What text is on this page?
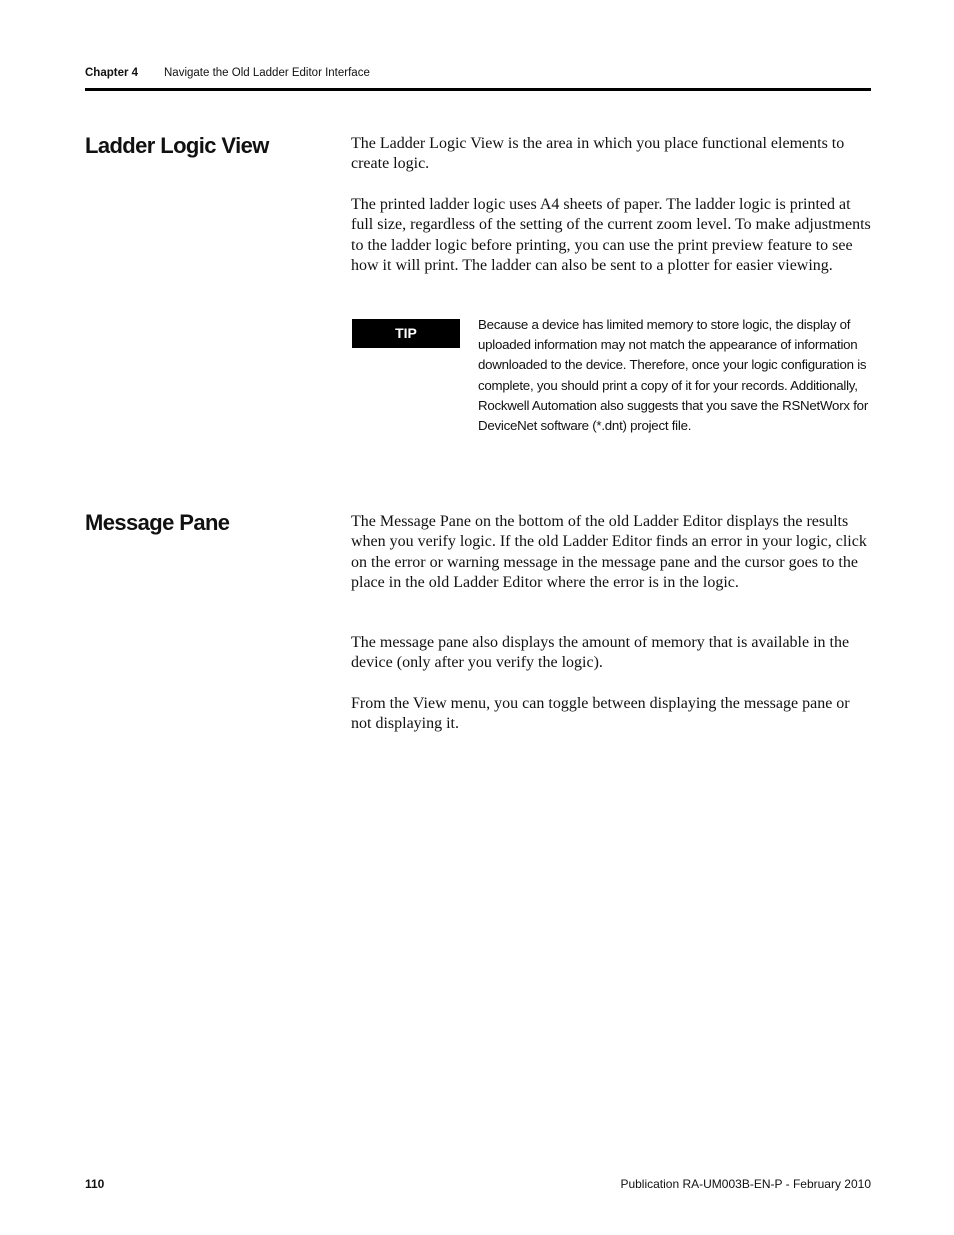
Chapter 4 Navigate the Old Ladder Editor Interface
Ladder Logic View	The Ladder Logic View is the area in which you place functional elements to create logic.

The printed ladder logic uses A4 sheets of paper. The ladder logic is printed at full size, regardless of the setting of the current zoom level. To make adjustments to the ladder logic before printing, you can use the print preview feature to see how it will print. The ladder can also be sent to a plotter for easier viewing.

TIP

Because a device has limited memory to store logic, the display of uploaded information may not match the appearance of information downloaded to the device. Therefore, once your logic configuration is complete, you should print a copy of it for your records. Additionally, Rockwell Automation also suggests that you save the RSNetWorx for DeviceNet software (*.dnt) project file.

Message Pane	The Message Pane on the bottom of the old Ladder Editor displays the results when you verify logic. If the old Ladder Editor finds an error in your logic, click on the error or warning message in the message pane and the cursor goes to the place in the old Ladder Editor where the error is in the logic.

The message pane also displays the amount of memory that is available in the device (only after you verify the logic).

From the View menu, you can toggle between displaying the message pane or not displaying it.

110	Publication RA-UM003B-EN-P - February 2010
